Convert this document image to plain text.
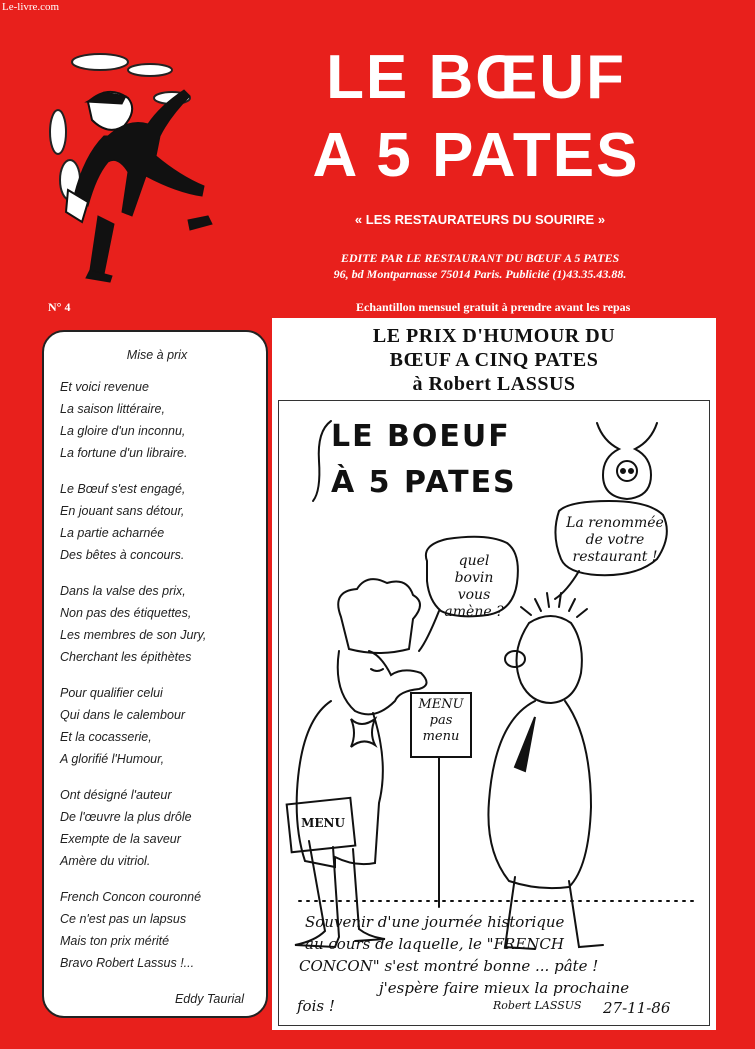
Le-livre.com
LE BŒUF
A 5 PATES
« LES RESTAURATEURS DU SOURIRE »
EDITE PAR LE RESTAURANT DU BŒUF A 5 PATES
96, bd Montparnasse 75014 Paris. Publicité (1)43.35.43.88.
N° 4	Echantillon mensuel gratuit à prendre avant les repas
Mise à prix
Et voici revenue
La saison littéraire,
La gloire d'un inconnu,
La fortune d'un libraire.
Le Bœuf s'est engagé,
En jouant sans détour,
La partie acharnée
Des bêtes à concours.
Dans la valse des prix,
Non pas des étiquettes,
Les membres de son Jury,
Cherchant les épithètes
Pour qualifier celui
Qui dans le calembour
Et la cocasserie,
A glorifié l'Humour,
Ont désigné l'auteur
De l'œuvre la plus drôle
Exempte de la saveur
Amère du vitriol.
French Concon couronné
Ce n'est pas un lapsus
Mais ton prix mérité
Bravo Robert Lassus !...
Eddy Taurial
LE PRIX D'HUMOUR DU
BŒUF A CINQ PATES
à Robert LASSUS
LE BOEUF
À 5 PATES
quel
bovin
vous
amène ?
La renommée
de votre
restaurant !
MENU
pas
menu
MENU
Souvenir d'une journée historique
au cours de laquelle, le "FRENCH
CONCON" s'est montré bonne ... pâte !
j'espère faire mieux la prochaine
fois !	Robert LASSUS 27-11-86
